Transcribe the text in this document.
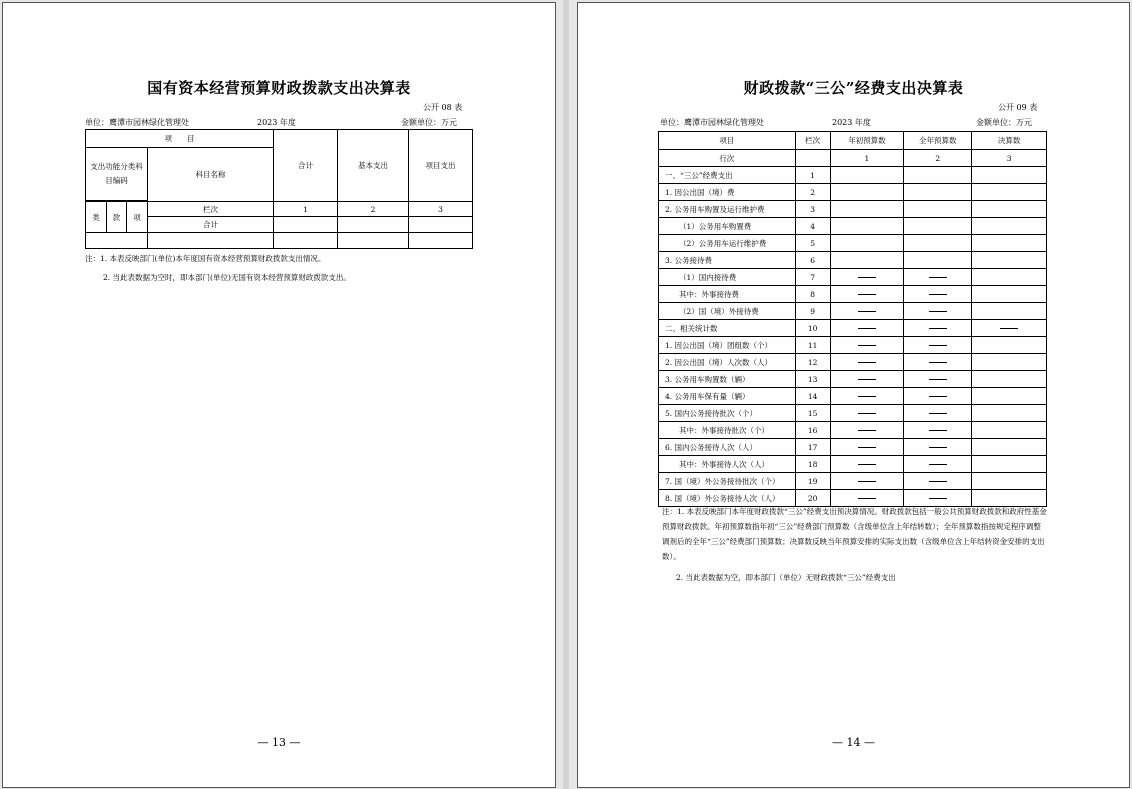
国有资本经营预算财政拨款支出决算表
公开 08 表
单位：鹰潭市园林绿化管理处	2023 年度	金额单位：万元
项　　目				合计	基本支出	项目支出
支出功能分类科目编码			科目名称			

类	款	项	栏次	1	2	3
			合计			

注：1. 本表反映部门(单位)本年度国有资本经营预算财政拨款支出情况。
2. 当此表数据为空时，即本部门(单位)无国有资本经营预算财政拨款支出。
— 13 —
财政拨款“三公”经费支出决算表
公开 09 表
单位：鹰潭市园林绿化管理处	2023 年度	金额单位：万元
项目	栏次	年初预算数	全年预算数	决算数
行次		1	2	3
一、“三公”经费支出	1			
1. 因公出国（境）费	2			
2. 公务用车购置及运行维护费	3			
（1）公务用车购置费	4			
（2）公务用车运行维护费	5			
3. 公务接待费	6			
（1）国内接待费	7			
其中：外事接待费	8			
（2）国（境）外接待费	9			
二、相关统计数	10			
1. 因公出国（境）团组数（个）	11			
2. 因公出国（境）人次数（人）	12			
3. 公务用车购置数（辆）	13			
4. 公务用车保有量（辆）	14			
5. 国内公务接待批次（个）	15			
其中：外事接待批次（个）	16			
6. 国内公务接待人次（人）	17			
其中：外事接待人次（人）	18			
7. 国（境）外公务接待批次（个）	19			
8. 国（境）外公务接待人次（人）	20			
注：1. 本表反映部门本年度财政拨款“三公”经费支出预决算情况。财政拨款包括一般公共预算财政拨款和政府性基金预算财政拨款。年初预算数指年初“三公”经费部门预算数（含级单位含上年结转数）；全年预算数指按规定程序调整调剂后的全年“三公”经费部门预算数；决算数反映当年预算安排的实际支出数（含级单位含上年结转资金安排的支出数）。
2. 当此表数据为空，即本部门（单位）无财政拨款“三公”经费支出
— 14 —
